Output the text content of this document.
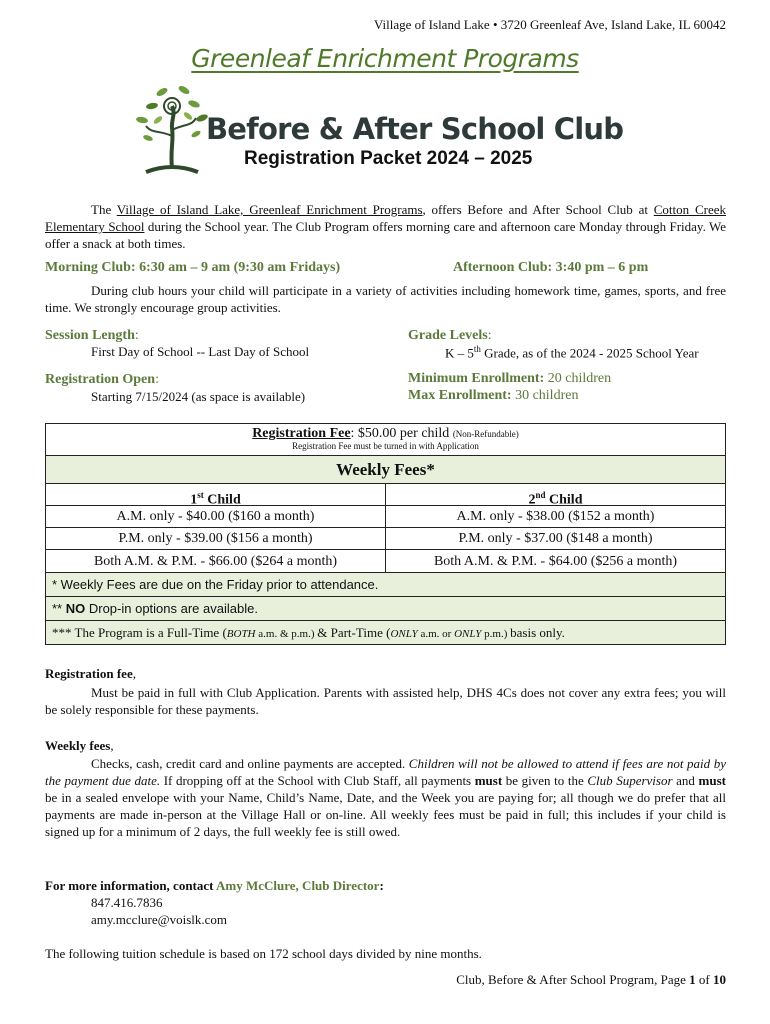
Village of Island Lake • 3720 Greenleaf Ave, Island Lake, IL 60042
Greenleaf Enrichment Programs
Before & After School Club
Registration Packet 2024 – 2025
The Village of Island Lake, Greenleaf Enrichment Programs, offers Before and After School Club at Cotton Creek Elementary School during the School year. The Club Program offers morning care and afternoon care Monday through Friday. We offer a snack at both times.
Morning Club: 6:30 am – 9 am (9:30 am Fridays)	Afternoon Club: 3:40 pm – 6 pm
During club hours your child will participate in a variety of activities including homework time, games, sports, and free time. We strongly encourage group activities.
Session Length:
First Day of School -- Last Day of School
Grade Levels:
K – 5th Grade, as of the 2024 - 2025 School Year
Registration Open:
Starting 7/15/2024 (as space is available)
Minimum Enrollment: 20 children
Max Enrollment: 30 children
Registration Fee: $50.00 per child (Non-Refundable)
Registration Fee must be turned in with Application
Weekly Fees*
1st Child	2nd Child
A.M. only - $40.00 ($160 a month)	A.M. only - $38.00 ($152 a month)
P.M. only - $39.00 ($156 a month)	P.M. only - $37.00 ($148 a month)
Both A.M. & P.M. - $66.00 ($264 a month)	Both A.M. & P.M. - $64.00 ($256 a month)
* Weekly Fees are due on the Friday prior to attendance.
** NO Drop-in options are available.
*** The Program is a Full-Time (BOTH a.m. & p.m.) & Part-Time (ONLY a.m. or ONLY p.m.) basis only.
Registration fee,
Must be paid in full with Club Application. Parents with assisted help, DHS 4Cs does not cover any extra fees; you will be solely responsible for these payments.
Weekly fees,
Checks, cash, credit card and online payments are accepted. Children will not be allowed to attend if fees are not paid by the payment due date. If dropping off at the School with Club Staff, all payments must be given to the Club Supervisor and must be in a sealed envelope with your Name, Child’s Name, Date, and the Week you are paying for; all though we do prefer that all payments are made in-person at the Village Hall or on-line. All weekly fees must be paid in full; this includes if your child is signed up for a minimum of 2 days, the full weekly fee is still owed.
For more information, contact Amy McClure, Club Director:
847.416.7836
amy.mcclure@voislk.com
The following tuition schedule is based on 172 school days divided by nine months.
Club, Before & After School Program, Page 1 of 10
